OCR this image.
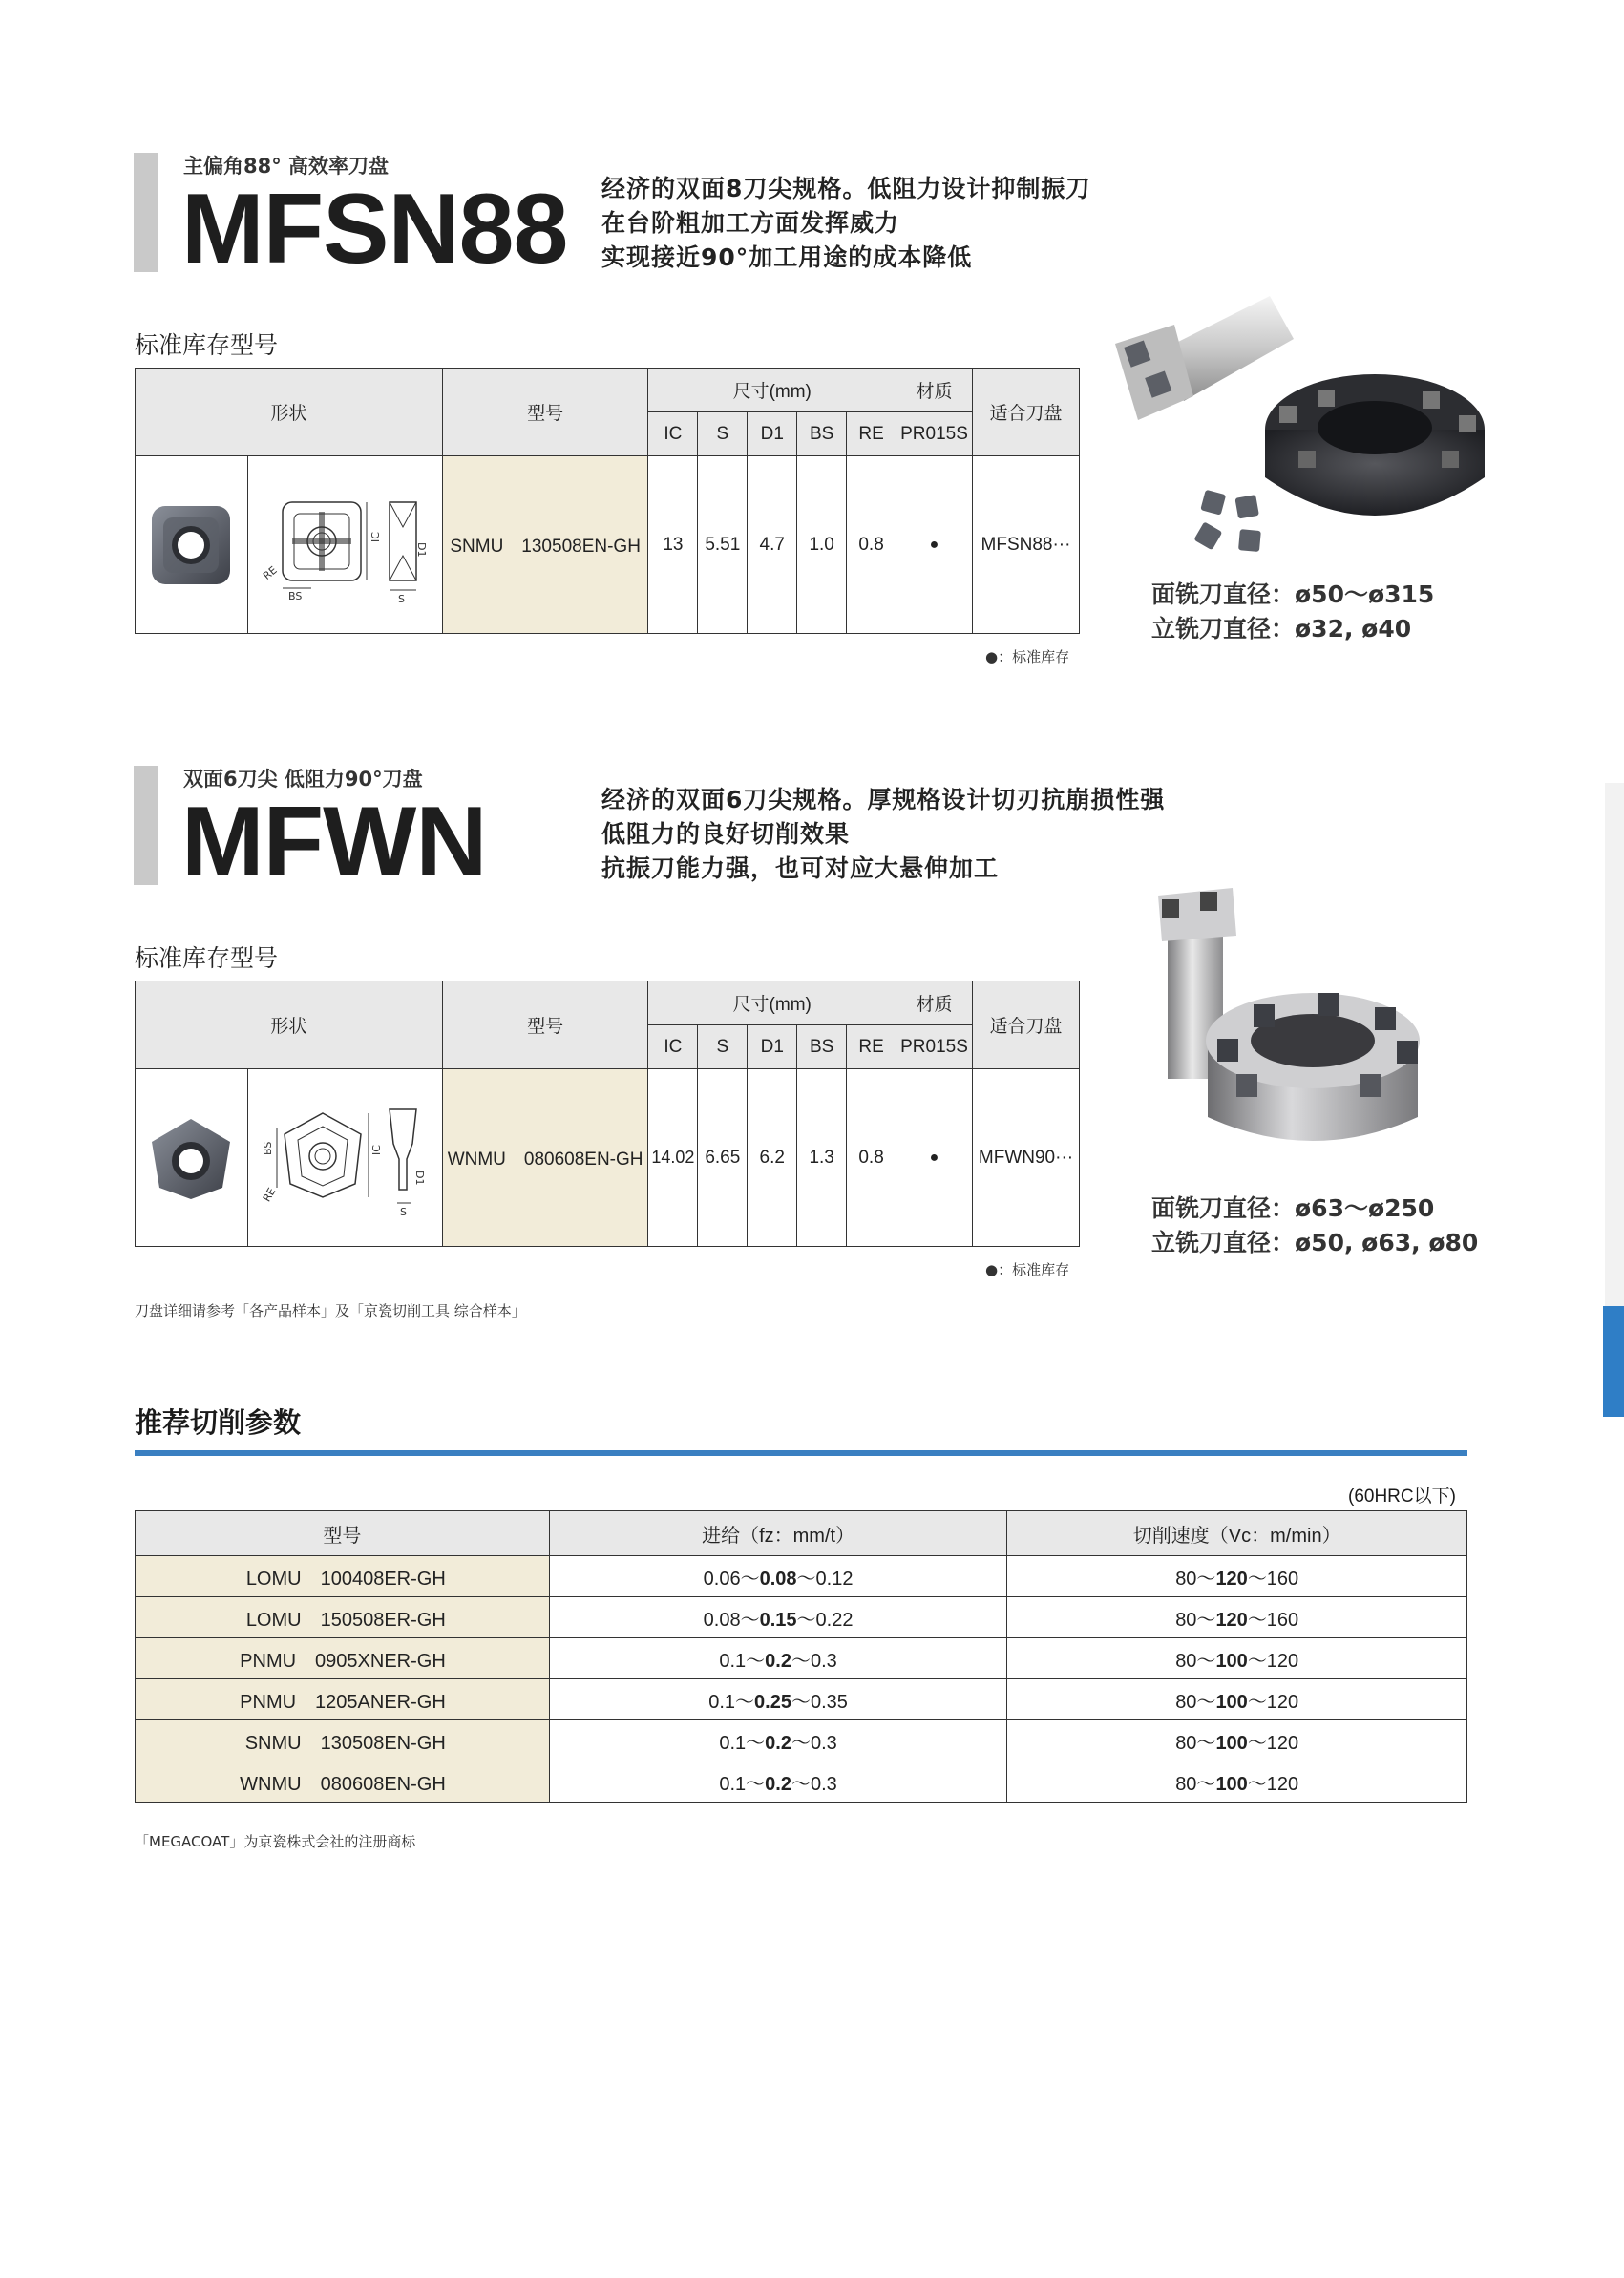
主偏角88° 高效率刀盘
MFSN88 经济的双面8刀尖规格。低阻力设计抑制振刀
在台阶粗加工方面发挥威力
实现接近90°加工用途的成本降低
标准库存型号
形状		型号	尺寸(mm)					材质	适合刀盘
			IC	S	D1	BS	RE	PR015S	

RE
BS
IC
D1
S	SNMU　130508EN-GH	13	5.51	4.7	1.0	0.8	●	MFSN88···
●：标准库存
面铣刀直径：ø50～ø315
立铣刀直径：ø32, ø40
双面6刀尖 低阻力90°刀盘
MFWN	经济的双面6刀尖规格。厚规格设计切刃抗崩损性强
低阻力的良好切削效果
抗振刀能力强，也可对应大悬伸加工
标准库存型号
形状		型号	尺寸(mm)					材质	适合刀盘
			IC	S	D1	BS	RE	PR015S	

BS
RE
IC
D1
S	WNMU　080608EN-GH	14.02	6.65	6.2	1.3	0.8	●	MFWN90···
●：标准库存
面铣刀直径：ø63～ø250
立铣刀直径：ø50, ø63, ø80
刀盘详细请参考「各产品样本」及「京瓷切削工具 综合样本」
推荐切削参数
(60HRC以下)
型号	进给（fz：mm/t）	切削速度（Vc：m/min）
LOMU　100408ER-GH	0.06～0.08～0.12	80～120～160
LOMU　150508ER-GH	0.08～0.15～0.22	80～120～160
PNMU　0905XNER-GH	0.1～0.2～0.3	80～100～120
PNMU　1205ANER-GH	0.1～0.25～0.35	80～100～120
SNMU　130508EN-GH	0.1～0.2～0.3	80～100～120
WNMU　080608EN-GH	0.1～0.2～0.3	80～100～120
「MEGACOAT」为京瓷株式会社的注册商标
